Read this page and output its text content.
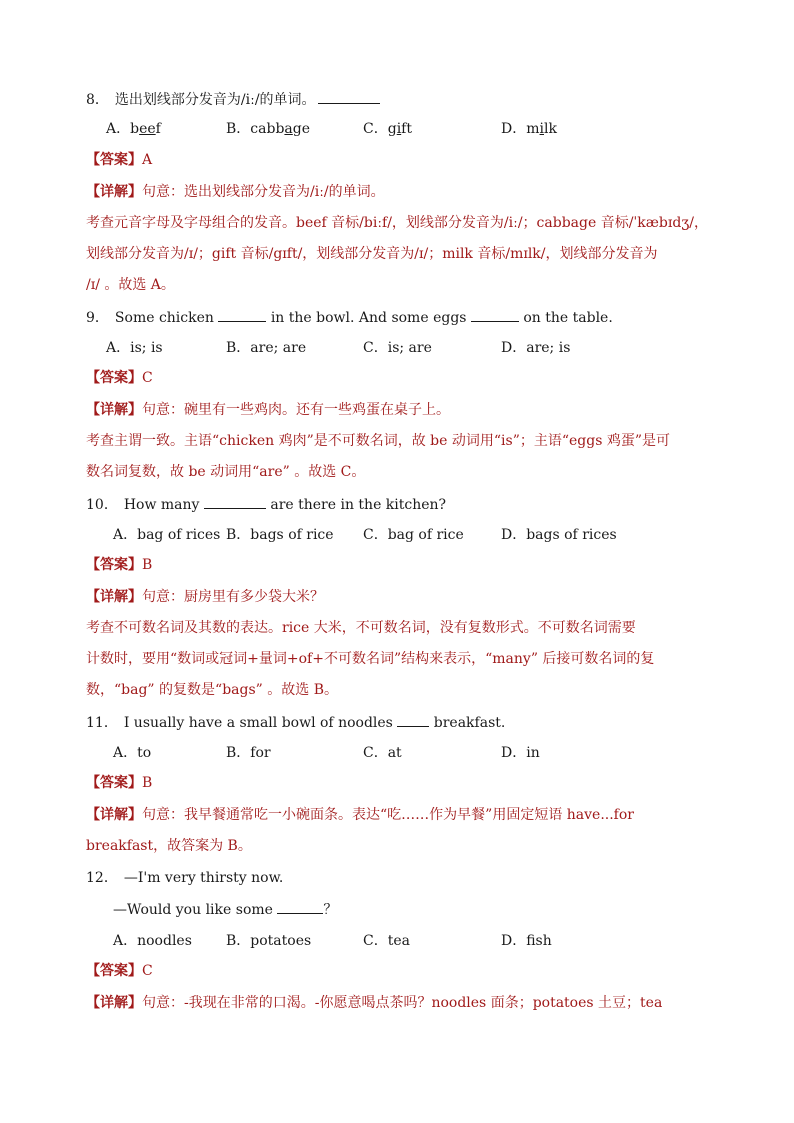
8． 选出划线部分发音为/iː/的单词。
A．beef	B．cabbage	C．gift	D．milk
【答案】A
【详解】句意：选出划线部分发音为/iː/的单词。
考查元音字母及字母组合的发音。beef 音标/biːf/，划线部分发音为/iː/；cabbage 音标/ˈkæbɪdʒ/，
划线部分发音为/ɪ/；gift 音标/gɪft/，划线部分发音为/ɪ/；milk 音标/mɪlk/，划线部分发音为
/ɪ/ 。故选 A。
9． Some chicken	in the bowl. And some eggs	on the table.
A．is; is	B．are; are	C．is; are	D．are; is
【答案】C
【详解】句意：碗里有一些鸡肉。还有一些鸡蛋在桌子上。
考查主谓一致。主语“chicken 鸡肉”是不可数名词，故 be 动词用“is”；主语“eggs 鸡蛋”是可
数名词复数，故 be 动词用“are” 。故选 C。
10． How many	are there in the kitchen?
A．bag of rices B．bags of rice C．bag of rice	D．bags of rices
【答案】B
【详解】句意：厨房里有多少袋大米？
考查不可数名词及其数的表达。rice 大米，不可数名词，没有复数形式。不可数名词需要
计数时，要用“数词或冠词+量词+of+不可数名词”结构来表示，“many” 后接可数名词的复
数，“bag” 的复数是“bags” 。故选 B。
11． I usually have a small bowl of noodles	breakfast.
A．to	B．for	C．at	D．in
【答案】B
【详解】句意：我早餐通常吃一小碗面条。表达“吃……作为早餐”用固定短语 have...for
breakfast，故答案为 B。
12． —I'm very thirsty now.
—Would you like some	？
A．noodles B．potatoes	C．tea	D．fish
【答案】C
【详解】句意：-我现在非常的口渴。-你愿意喝点茶吗？noodles 面条；potatoes 土豆；tea
